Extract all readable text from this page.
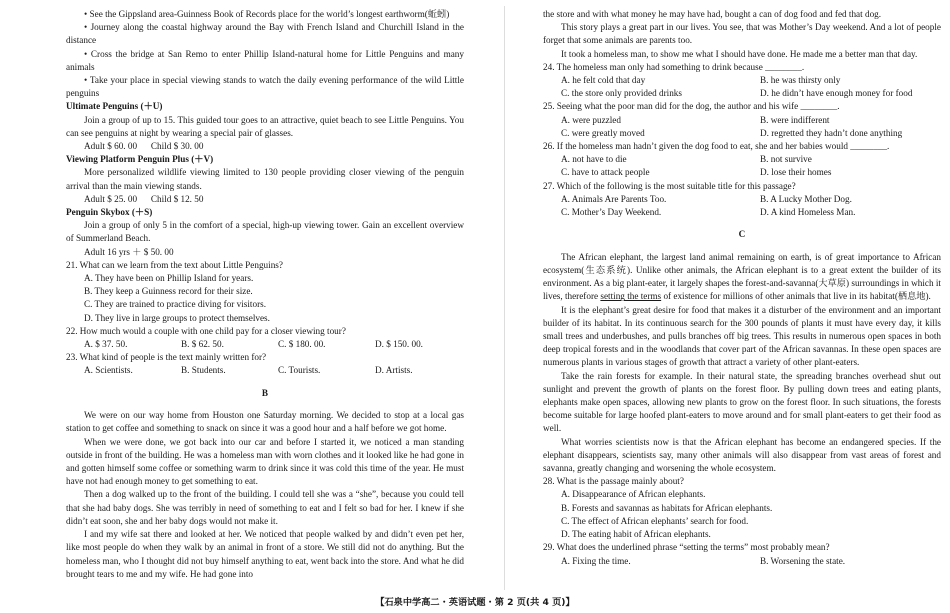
• See the Gippsland area-Guinness Book of Records place for the world’s longest earthworm(蚯蚓)

• Journey along the coastal highway around the Bay with French Island and Churchill Island in the distance

• Cross the bridge at San Remo to enter Phillip Island-natural home for Little Penguins and many animals

• Take your place in special viewing stands to watch the daily evening performance of the wild Little penguins

Ultimate Penguins (＋U)

Join a group of up to 15. This guided tour goes to an attractive, quiet beach to see Little Penguins. You can see penguins at night by wearing a special pair of glasses.

Adult $ 60. 00      Child $ 30. 00

Viewing Platform Penguin Plus (＋V)

More personalized wildlife viewing limited to 130 people providing closer viewing of the penguin arrival than the main viewing stands.

Adult $ 25. 00      Child $ 12. 50

Penguin Skybox (＋S)

Join a group of only 5 in the comfort of a special, high-up viewing tower. Gain an excellent overview of Summerland Beach.

Adult 16 yrs ＋ $ 50. 00

21. What can we learn from the text about Little Penguins?

A. They have been on Phillip Island for years.

B. They keep a Guinness record for their size.

C. They are trained to practice diving for visitors.

D. They live in large groups to protect themselves.

22. How much would a couple with one child pay for a closer viewing tour?

A. $ 37. 50.	B. $ 62. 50.	C. $ 180. 00.	D. $ 150. 00.

23. What kind of people is the text mainly written for?

A. Scientists.	B. Students.	C. Tourists.	D. Artists.

B

We were on our way home from Houston one Saturday morning. We decided to stop at a local gas station to get coffee and something to snack on since it was a good hour and a half before we got home.

When we were done, we got back into our car and before I started it, we noticed a man standing outside in front of the building. He was a homeless man with worn clothes and it looked like he had gone in and gotten himself some coffee or something warm to drink since it was cold this time of the year. He must have not had enough money to get something to eat.

Then a dog walked up to the front of the building. I could tell she was a “she”, because you could tell that she had baby dogs. She was terribly in need of something to eat and I felt so bad for her. I knew if she didn’t eat soon, she and her baby dogs would not make it.

I and my wife sat there and looked at her. We noticed that people walked by and didn’t even pet her, like most people do when they walk by an animal in front of a store. We still did not do anything. But the homeless man, who I thought did not buy himself anything to eat, went back into the store. And what he did brought tears to me and my wife. He had gone into

the store and with what money he may have had, bought a can of dog food and fed that dog.

This story plays a great part in our lives. You see, that was Mother’s Day weekend. And a lot of people forget that some animals are parents too.

It took a homeless man, to show me what I should have done. He made me a better man that day.

24. The homeless man only had something to drink because ________.

A. he felt cold that day	B. he was thirsty only
C. the store only provided drinks	D. he didn’t have enough money for food

25. Seeing what the poor man did for the dog, the author and his wife ________.

A. were puzzled	B. were indifferent
C. were greatly moved	D. regretted they hadn’t done anything

26. If the homeless man hadn’t given the dog food to eat, she and her babies would ________.

A. not have to die	B. not survive
C. have to attack people	D. lose their homes

27. Which of the following is the most suitable title for this passage?

A. Animals Are Parents Too.	B. A Lucky Mother Dog.
C. Mother’s Day Weekend.	D. A kind Homeless Man.

C

The African elephant, the largest land animal remaining on earth, is of great importance to African ecosystem(生态系统). Unlike other animals, the African elephant is to a great extent the builder of its environment. As a big plant-eater, it largely shapes the forest-and-savanna(大草原) surroundings in which it lives, therefore setting the terms of existence for millions of other animals that live in its habitat(栖息地).

It is the elephant’s great desire for food that makes it a disturber of the environment and an important builder of its habitat. In its continuous search for the 300 pounds of plants it must have every day, it kills small trees and underbushes, and pulls branches off big trees. This results in numerous open spaces in both deep tropical forests and in the woodlands that cover part of the African savannas. In these open spaces are numerous plants in various stages of growth that attract a variety of other plant-eaters.

Take the rain forests for example. In their natural state, the spreading branches overhead shut out sunlight and prevent the growth of plants on the forest floor. By pulling down trees and eating plants, elephants make open spaces, allowing new plants to grow on the forest floor. In such situations, the forests become suitable for large hoofed plant-eaters to move around and for small plant-eaters to get their food as well.

What worries scientists now is that the African elephant has become an endangered species. If the elephant disappears, scientists say, many other animals will also disappear from vast areas of forest and savanna, greatly changing and worsening the whole ecosystem.

28. What is the passage mainly about?

A. Disappearance of African elephants.

B. Forests and savannas as habitats for African elephants.

C. The effect of African elephants’ search for food.

D. The eating habit of African elephants.

29. What does the underlined phrase “setting the terms” most probably mean?

A. Fixing the time.	B. Worsening the state.
【石泉中学高二・英语试题・第 2 页(共 4 页)】
